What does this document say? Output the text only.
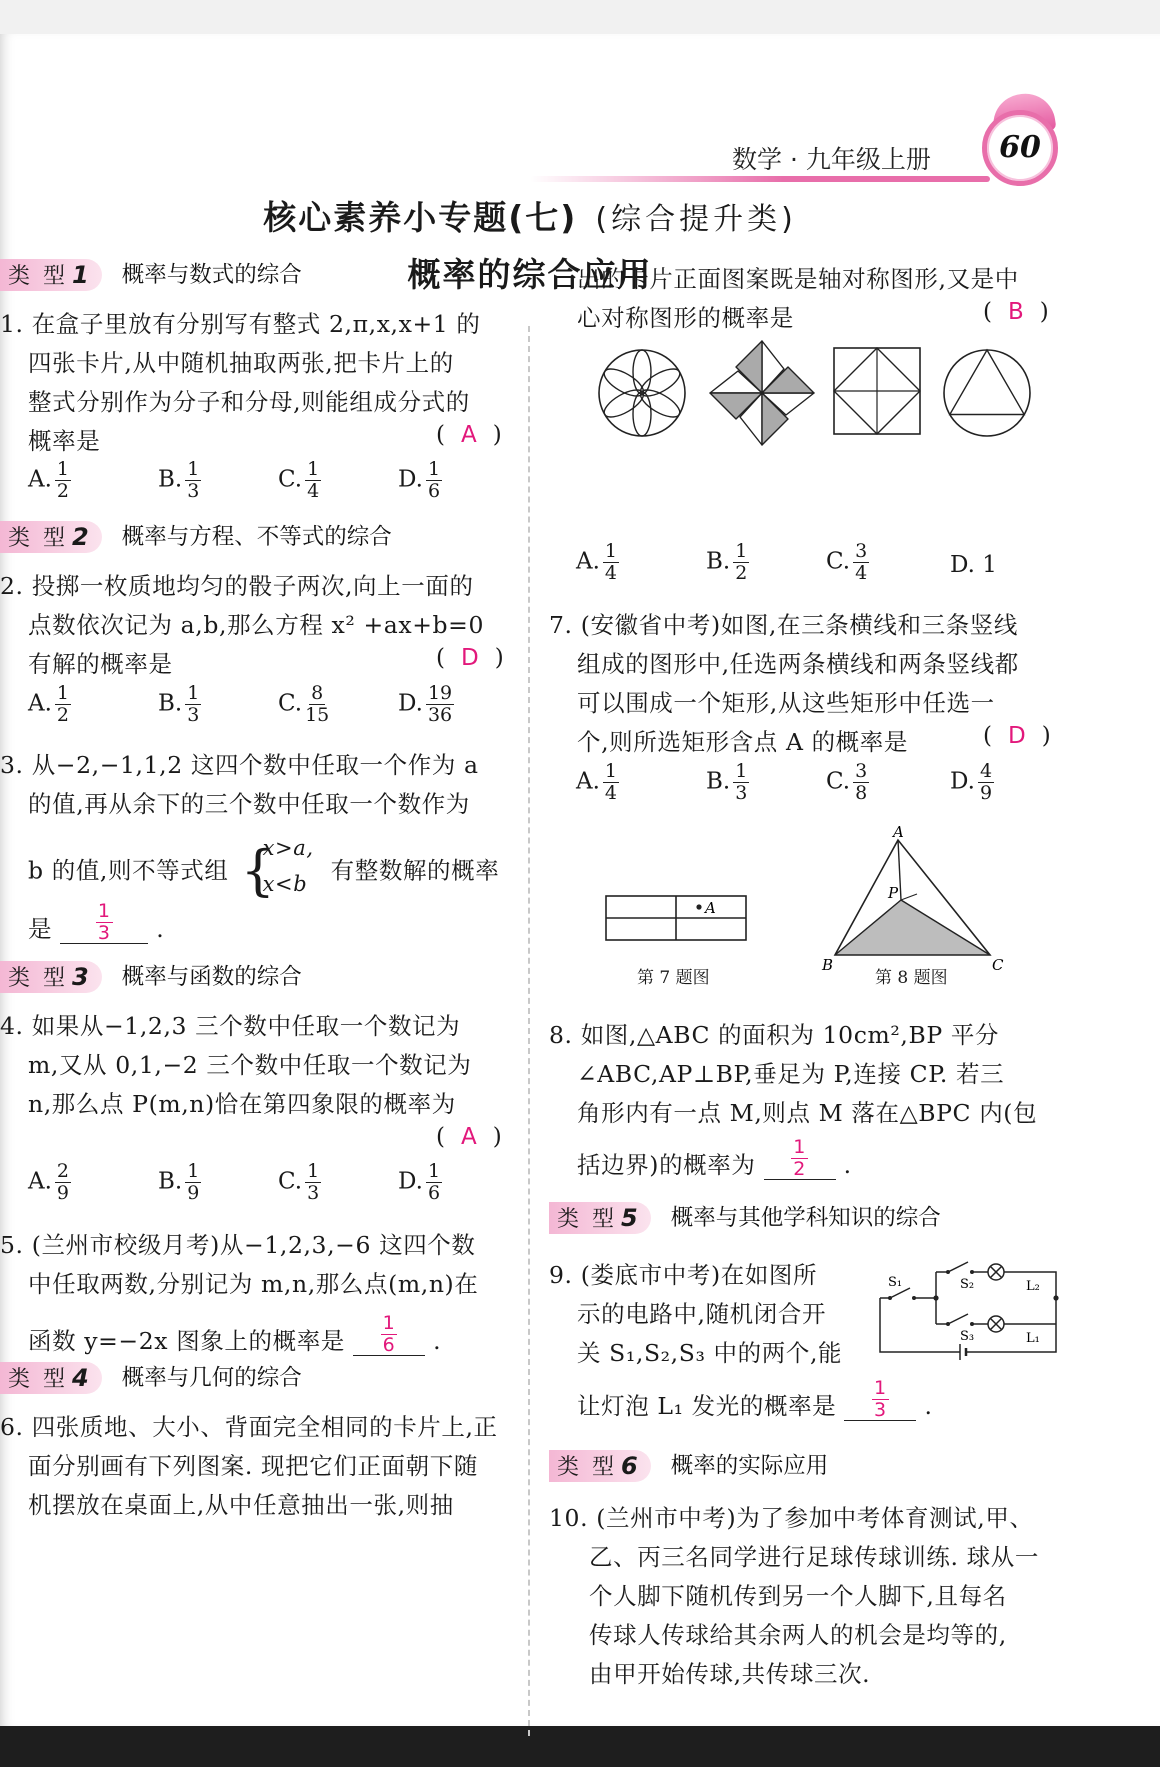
数学 · 九年级上册	60
核心素养小专题(七) (综合提升类)
概率的综合应用
类 型 1 概率与数式的综合
1. 在盒子里放有分别写有整式 2,π,x,x+1 的
四张卡片,从中随机抽取两张,把卡片上的
整式分别作为分子和分母,则能组成分式的
概率是	( A )
A. $\frac{1}{2}$	B. $\frac{1}{3}$	C. $\frac{1}{4}$	D. $\frac{1}{6}$
类 型 2 概率与方程、不等式的综合
2. 投掷一枚质地均匀的骰子两次,向上一面的
点数依次记为 a,b,那么方程 x² +ax+b=0
有解的概率是	( D )
A. $\frac{1}{2}$	B. $\frac{1}{3}$	C. $\frac{8}{15}$	D. $\frac{19}{36}$
3. 从−2,−1,1,2 这四个数中任取一个作为 a
的值,再从余下的三个数中任取一个数作为
b 的值,则不等式组 {
x>a,
x<b 有整数解的概率
是 $\frac{1}{3}$ .
类 型 3 概率与函数的综合
4. 如果从−1,2,3 三个数中任取一个数记为
m,又从 0,1,−2 三个数中任取一个数记为
n,那么点 P(m,n)恰在第四象限的概率为
( A )
A. $\frac{2}{9}$	B. $\frac{1}{9}$	C. $\frac{1}{3}$	D. $\frac{1}{6}$
5. (兰州市校级月考)从−1,2,3,−6 这四个数
中任取两数,分别记为 m,n,那么点(m,n)在
函数 y=−2x 图象上的概率是 $\frac{1}{6}$ .
类 型 4 概率与几何的综合
6. 四张质地、大小、背面完全相同的卡片上,正
面分别画有下列图案. 现把它们正面朝下随
机摆放在桌面上,从中任意抽出一张,则抽
出的卡片正面图案既是轴对称图形,又是中
心对称图形的概率是	( B )
A. $\frac{1}{4}$	B. $\frac{1}{2}$	C. $\frac{3}{4}$	D. 1
7. (安徽省中考)如图,在三条横线和三条竖线
组成的图形中,任选两条横线和两条竖线都
可以围成一个矩形,从这些矩形中任选一
个,则所选矩形含点 A 的概率是	( D )
A. $\frac{1}{4}$	B. $\frac{1}{3}$	C. $\frac{3}{8}$	D. $\frac{4}{9}$
A
第 7 题图
A
P
B	C
第 8 题图
8. 如图,△ABC 的面积为 10cm²,BP 平分
∠ABC,AP⊥BP,垂足为 P,连接 CP. 若三
角形内有一点 M,则点 M 落在△BPC 内(包
括边界)的概率为 $\frac{1}{2}$ .
类 型 5 概率与其他学科知识的综合
9. (娄底市中考)在如图所
示的电路中,随机闭合开
关 S₁,S₂,S₃ 中的两个,能
让灯泡 L₁ 发光的概率是 $\frac{1}{3}$ .
S₁	S₂
S₃
L₂
L₁
类 型 6 概率的实际应用
10. (兰州市中考)为了参加中考体育测试,甲、
乙、丙三名同学进行足球传球训练. 球从一
个人脚下随机传到另一个人脚下,且每名
传球人传球给其余两人的机会是均等的,
由甲开始传球,共传球三次.
